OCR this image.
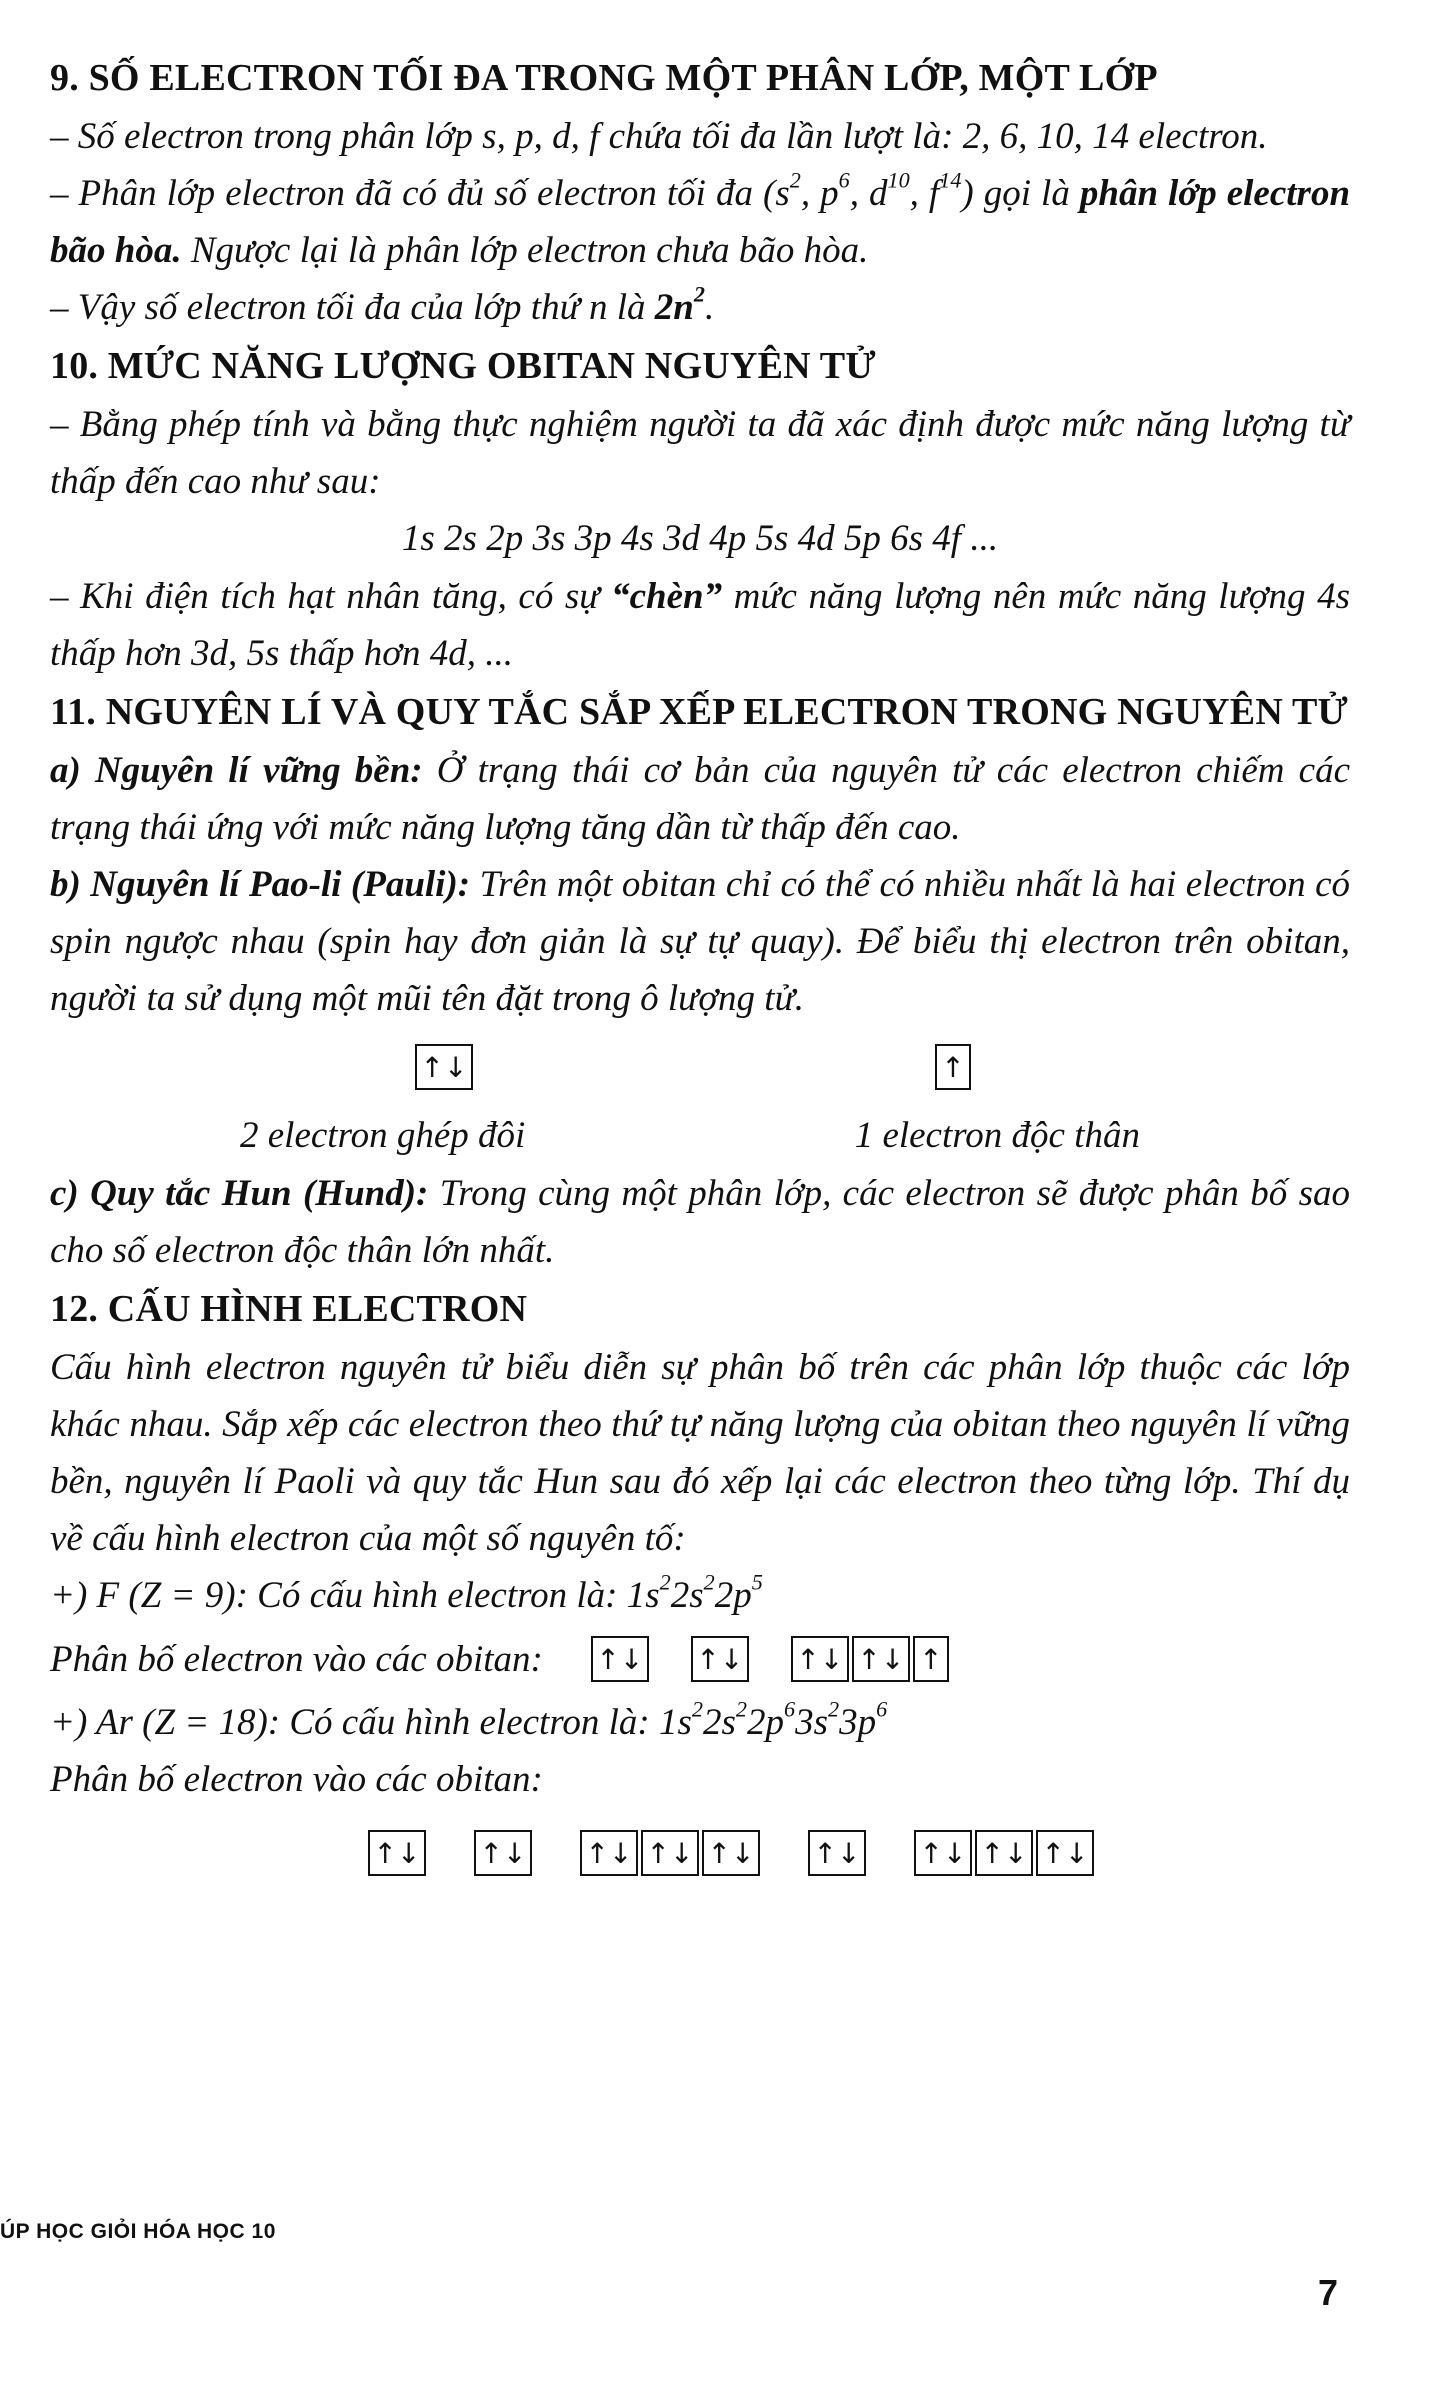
9. SỐ ELECTRON TỐI ĐA TRONG MỘT PHÂN LỚP, MỘT LỚP

– Số electron trong phân lớp s, p, d, f chứa tối đa lần lượt là: 2, 6, 10, 14 electron.

– Phân lớp electron đã có đủ số electron tối đa ($s^2$, $p^6$, $d^{10}$, $f^{14}$) gọi là phân lớp electron bão hòa. Ngược lại là phân lớp electron chưa bão hòa.

– Vậy số electron tối đa của lớp thứ n là $2n^2$.

10. MỨC NĂNG LƯỢNG OBITAN NGUYÊN TỬ

– Bằng phép tính và bằng thực nghiệm người ta đã xác định được mức năng lượng từ thấp đến cao như sau:

1s 2s 2p 3s 3p 4s 3d 4p 5s 4d 5p 6s 4f ...

– Khi điện tích hạt nhân tăng, có sự “chèn” mức năng lượng nên mức năng lượng 4s thấp hơn 3d, 5s thấp hơn 4d, ...

11. NGUYÊN LÍ VÀ QUY TẮC SẮP XẾP ELECTRON TRONG NGUYÊN TỬ

a) Nguyên lí vững bền: Ở trạng thái cơ bản của nguyên tử các electron chiếm các trạng thái ứng với mức năng lượng tăng dần từ thấp đến cao.

b) Nguyên lí Pao-li (Pauli): Trên một obitan chỉ có thể có nhiều nhất là hai electron có spin ngược nhau (spin hay đơn giản là sự tự quay). Để biểu thị electron trên obitan, người ta sử dụng một mũi tên đặt trong ô lượng tử.

↑↓	↑
2 electron ghép đôi	1 electron độc thân

c) Quy tắc Hun (Hund): Trong cùng một phân lớp, các electron sẽ được phân bố sao cho số electron độc thân lớn nhất.

12. CẤU HÌNH ELECTRON

Cấu hình electron nguyên tử biểu diễn sự phân bố trên các phân lớp thuộc các lớp khác nhau. Sắp xếp các electron theo thứ tự năng lượng của obitan theo nguyên lí vững bền, nguyên lí Paoli và quy tắc Hun sau đó xếp lại các electron theo từng lớp. Thí dụ về cấu hình electron của một số nguyên tố:

+) F (Z = 9): Có cấu hình electron là: $1s^22s^22p^5$

Phân bố electron vào các obitan: ↑↓ ↑↓ ↑↓ ↑↓ ↑

+) Ar (Z = 18): Có cấu hình electron là: $1s^22s^22p^63s^23p^6$

Phân bố electron vào các obitan:

↑↓ ↑↓ ↑↓ ↑↓ ↑↓ ↑↓ ↑↓ ↑↓ ↑↓
ÚP HỌC GIỎI HÓA HỌC 10
7
